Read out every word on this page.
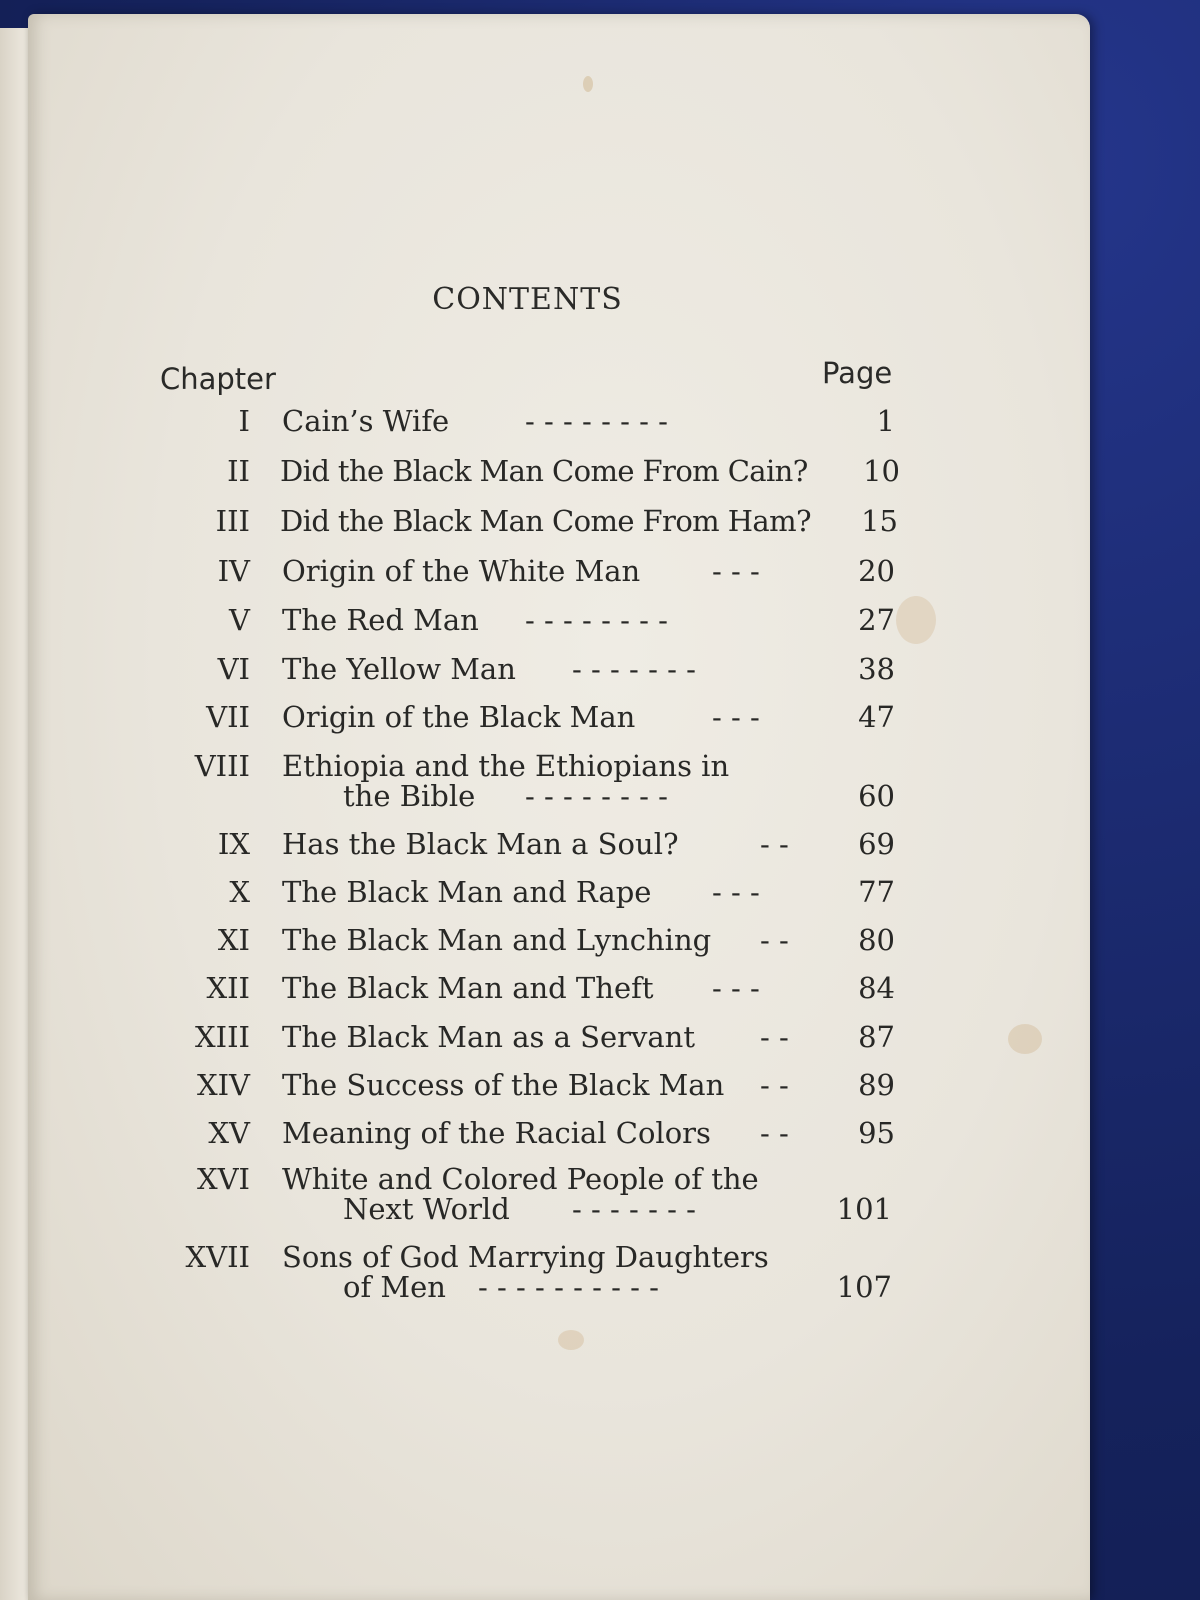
CONTENTS
Chapter	Page
I Cain’s Wife	- - - - - - - -	1
II Did the Black Man Come From Cain? 10
III Did the Black Man Come From Ham? 15
IV Origin of the White Man - - -	20
V The Red Man - - - - - - - -	27
VI The Yellow Man - - - - - - -	38
VII Origin of the Black Man	- - -	47
VIII Ethiopia and the Ethiopians in
the Bible - - - - - - - -	60
IX Has the Black Man a Soul?	- - 69
X The Black Man and Rape - - -	77
XI The Black Man and Lynching - - 80
XII The Black Man and Theft - - -	84
XIII The Black Man as a Servant - - 87
XIV The Success of the Black Man - - 89
XV Meaning of the Racial Colors - - 95
XVI White and Colored People of the
Next World - - - - - - -	101
XVII Sons of God Marrying Daughters
of Men - - - - - - - - - -	107
